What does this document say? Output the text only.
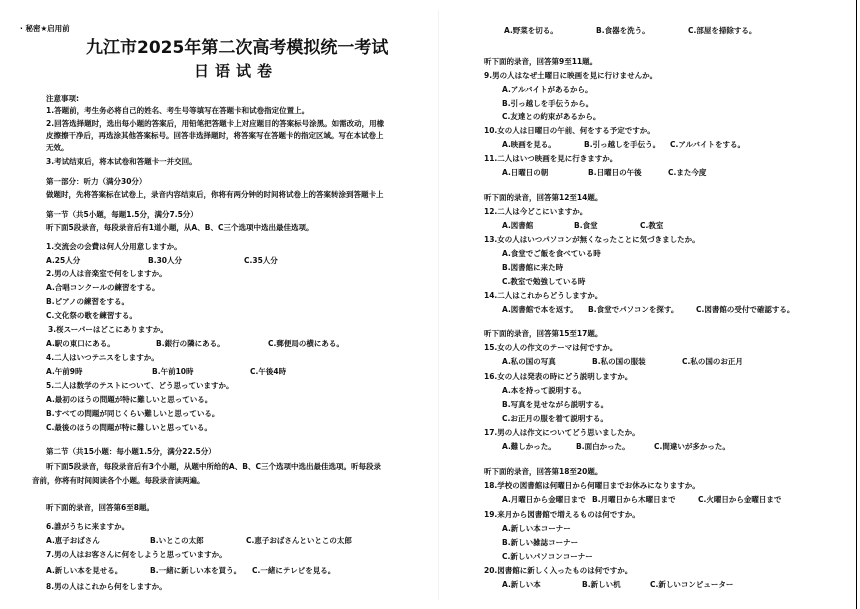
· 秘密★启用前
九江市2025年第二次高考模拟统一考试
日语试卷
注意事项:
1.答题前，考生务必将自己的姓名、考生号等填写在答题卡和试卷指定位置上。
2.回答选择题时，选出每小题的答案后，用铅笔把答题卡上对应题目的答案标号涂黑。如需改动，用橡
皮擦擦干净后，再选涂其他答案标号。回答非选择题时，将答案写在答题卡的指定区域。写在本试卷上
无效。
3.考试结束后，将本试卷和答题卡一并交回。
第一部分：听力（满分30分）
做题时，先将答案标在试卷上，录音内容结束后，你将有两分钟的时间将试卷上的答案转涂到答题卡上
第一节（共5小题，每题1.5分，满分7.5分）
听下面5段录音，每段录音后有1道小题，从A、B、C三个选项中选出最佳选项。
1.交流会の会費は何人分用意しますか。
A.25人分	B.30人分	C.35人分
2.男の人は音楽室で何をしますか。
A.合唱コンクールの練習をする。
B.ピアノの練習をする。
C.文化祭の歌を練習する。
3.桜スーパーはどこにありますか。
A.駅の東口にある。	B.銀行の隣にある。	C.郵便局の横にある。
4.二人はいつテニスをしますか。
A.午前9時	B.午前10時	C.午後4時
5.二人は数学のテストについて、どう思っていますか。
A.最初のほうの問題が特に難しいと思っている。
B.すべての問題が同じくらい難しいと思っている。
C.最後のほうの問題が特に難しいと思っている。
第二节（共15小题：每小题1.5分，满分22.5分）
听下面5段录音，每段录音后有3个小题，从题中所给的A、B、C三个选项中选出最佳选项。听每段录
音前，你将有时间阅读各个小题。每段录音读两遍。
听下面的录音，回答第6至8题。
6.誰がうちに来ますか。
A.恵子おばさん	B.いとこの太郎	C.恵子おばさんといとこの太郎
7.男の人はお客さんに何をしようと思っていますか。
A.新しい本を見せる。	B.一緒に新しい本を買う。 C.一緒にテレビを見る。
8.男の人はこれから何をしますか。
A.野菜を切る。	B.食器を洗う。	C.部屋を掃除する。
听下面的录音，回答第9至11题。
9.男の人はなぜ土曜日に映画を見に行けませんか。
A.アルバイトがあるから。
B.引っ越しを手伝うから。
C.友達との約束があるから。
10.女の人は日曜日の午前、何をする予定ですか。
A.映画を見る。	B.引っ越しを手伝う。 C.アルバイトをする。
11.二人はいつ映画を見に行きますか。
A.日曜日の朝	B.日曜日の午後	C.また今度
听下面的录音，回答第12至14题。
12.二人は今どこにいますか。
A.図書館	B.食堂	C.教室
13.女の人はいつパソコンが無くなったことに気づきましたか。
A.食堂でご飯を食べている時
B.図書館に来た時
C.教室で勉強している時
14.二人はこれからどうしますか。
A.図書館で本を返す。 B.食堂でパソコンを探す。 C.図書館の受付で確認する。
听下面的录音，回答第15至17题。
15.女の人の作文のテーマは何ですか。
A.私の国の写真	B.私の国の服装	C.私の国のお正月
16.女の人は発表の時にどう説明しますか。
A.本を持って説明する。
B.写真を見せながら説明する。
C.お正月の服を着て説明する。
17.男の人は作文についてどう思いましたか。
A.難しかった。	B.面白かった。	C.間違いが多かった。
听下面的录音，回答第18至20题。
18.学校の図書館は何曜日から何曜日までお休みになりますか。
A.月曜日から金曜日まで B.月曜日から木曜日まで	C.火曜日から金曜日まで
19.来月から図書館で増えるものは何ですか。
A.新しい本コーナー
B.新しい雑誌コーナー
C.新しいパソコンコーナー
20.図書館に新しく入ったものは何ですか。
A.新しい本	B.新しい机	C.新しいコンピューター
